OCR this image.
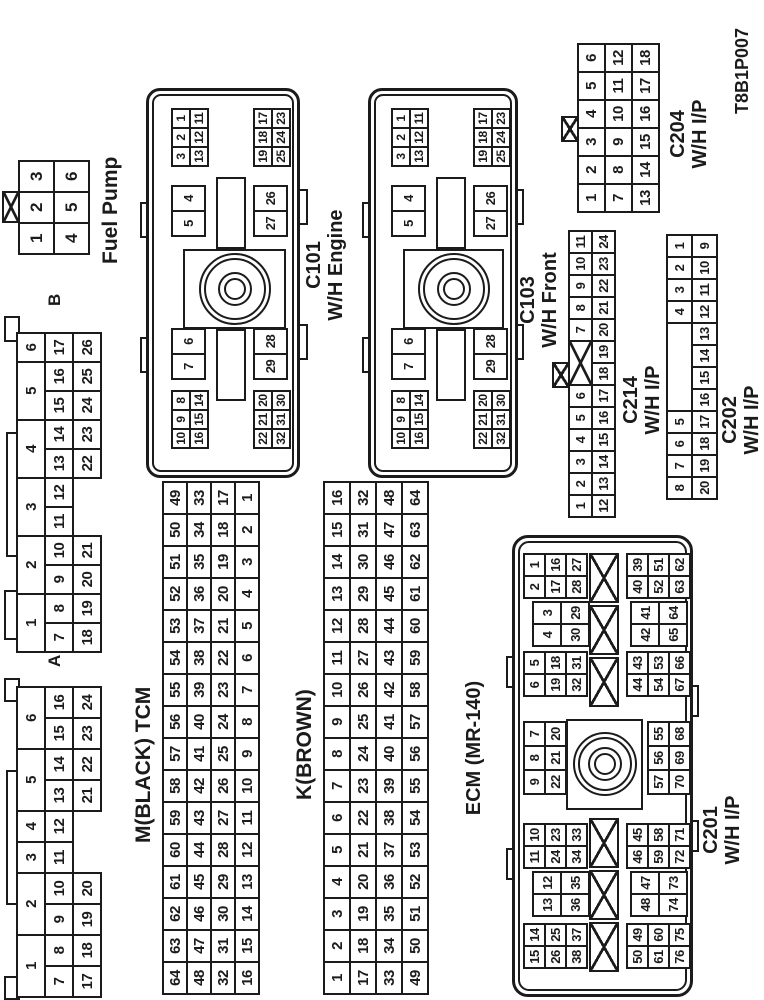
1
2
3
4
5
6
7
8
9
10
11
12
13
14
15
16
17
18
19
20
21
22
23
24
A
1
2
3
4
5
6
7
8
9
10
11
12
13
14
15
16
17
18
19
20
21
22
23
24
25
26
B
1
2
3
4
5
6 Fuel Pump
M(BLACK) TCM
64
63
62
61
60
59
58
57
56
55
54
53
52
51
50
49
48
47
46
45
44
43
42
41
40
39
38
37
36
35
34
33
32
31
30
29
28
27
26
25
24
23
22
21
20
19
18
17
16
15
14
13
12
11
10
9
8
7
6
5
4
3
2
1
K(BROWN)
1
2
3
4
5
6
7
8
9
10
11
12
13
14
15
16
17
18
19
20
21
22
23
24
25
26
27
28
29
30
31
32
33
34
35
36
37
38
39
40
41
42
43
44
45
46
47
48
49
50
51
52
53
54
55
56
57
58
59
60
61
62
63
64
10
9
8
16
15
14
7
6
5
4
3
2
1
13
12
11
22
21
20
32
31
30
29
28
27
26
19
18
17
25
24
23
C101 W/H Engine
10
9
8
16
15
14
7
6
5
4
3
2
1
13
12
11
22
21
20
32
31
30
29
28
27
26
19
18
17
25
24
23
C103 W/H Front
ECM (MR-140)
15
14
26
25
38
37
13
12
36
35
11
10
24
23
34
33
9
8
7
22
21
20
6
5
19
18
32
31
4
3
30
29
2
1
17
16
28
27
50
49
61
60
76
75
48
47
74
73
46
45
59
58
72
71
57
56
55
70
69
68
44
43
54
53
67
66
42
41
65
64
40
39
52
51
63
62
C201 W/H I/P
1
2
3
4
5
6
7
8
9
10
11
12
13
14
15
16
17
18
19
20
21
22
23
24
C214 W/H I/P
8
7
6
5
4
3
2
1
20
19
18
17
16
15
14
13
12
11
10
9
C202 W/H I/P
1
2
3
4
5
6
7
8
9
10
11
12
13
14
15
16
17
18
C204 W/H I/P
T8B1P007
